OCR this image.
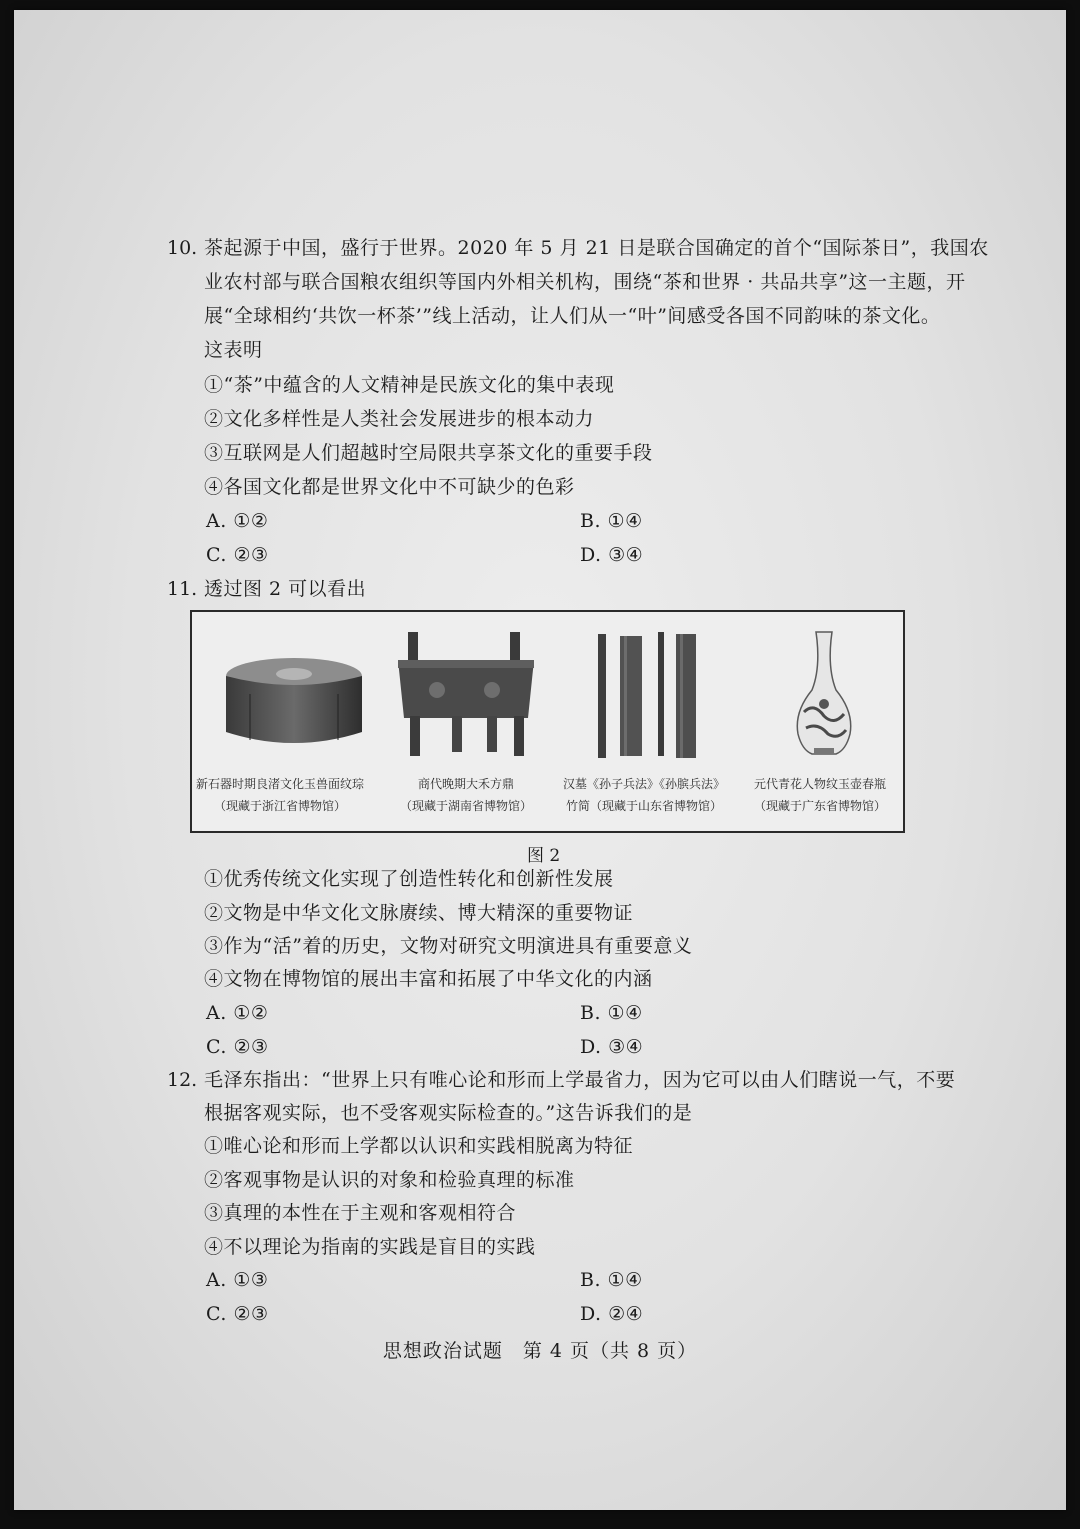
10. 茶起源于中国，盛行于世界。2020 年 5 月 21 日是联合国确定的首个“国际茶日”，我国农
业农村部与联合国粮农组织等国内外相关机构，围绕“茶和世界 · 共品共享”这一主题，开
展“全球相约‘共饮一杯茶’”线上活动，让人们从一“叶”间感受各国不同韵味的茶文化。
这表明
①“茶”中蕴含的人文精神是民族文化的集中表现
②文化多样性是人类社会发展进步的根本动力
③互联网是人们超越时空局限共享茶文化的重要手段
④各国文化都是世界文化中不可缺少的色彩
A. ①②	B. ①④
C. ②③	D. ③④
11. 透过图 2 可以看出
新石器时期良渚文化玉兽面纹琮
（现藏于浙江省博物馆）
商代晚期大禾方鼎
（现藏于湖南省博物馆）
汉墓《孙子兵法》《孙膑兵法》
竹简（现藏于山东省博物馆）
元代青花人物纹玉壶春瓶
（现藏于广东省博物馆）
图 2
①优秀传统文化实现了创造性转化和创新性发展
②文物是中华文化文脉赓续、博大精深的重要物证
③作为“活”着的历史，文物对研究文明演进具有重要意义
④文物在博物馆的展出丰富和拓展了中华文化的内涵
A. ①②	B. ①④
C. ②③	D. ③④
12. 毛泽东指出：“世界上只有唯心论和形而上学最省力，因为它可以由人们瞎说一气，不要
根据客观实际，也不受客观实际检查的。”这告诉我们的是
①唯心论和形而上学都以认识和实践相脱离为特征
②客观事物是认识的对象和检验真理的标准
③真理的本性在于主观和客观相符合
④不以理论为指南的实践是盲目的实践
A. ①③	B. ①④
C. ②③	D. ②④
思想政治试题　第 4 页（共 8 页）
